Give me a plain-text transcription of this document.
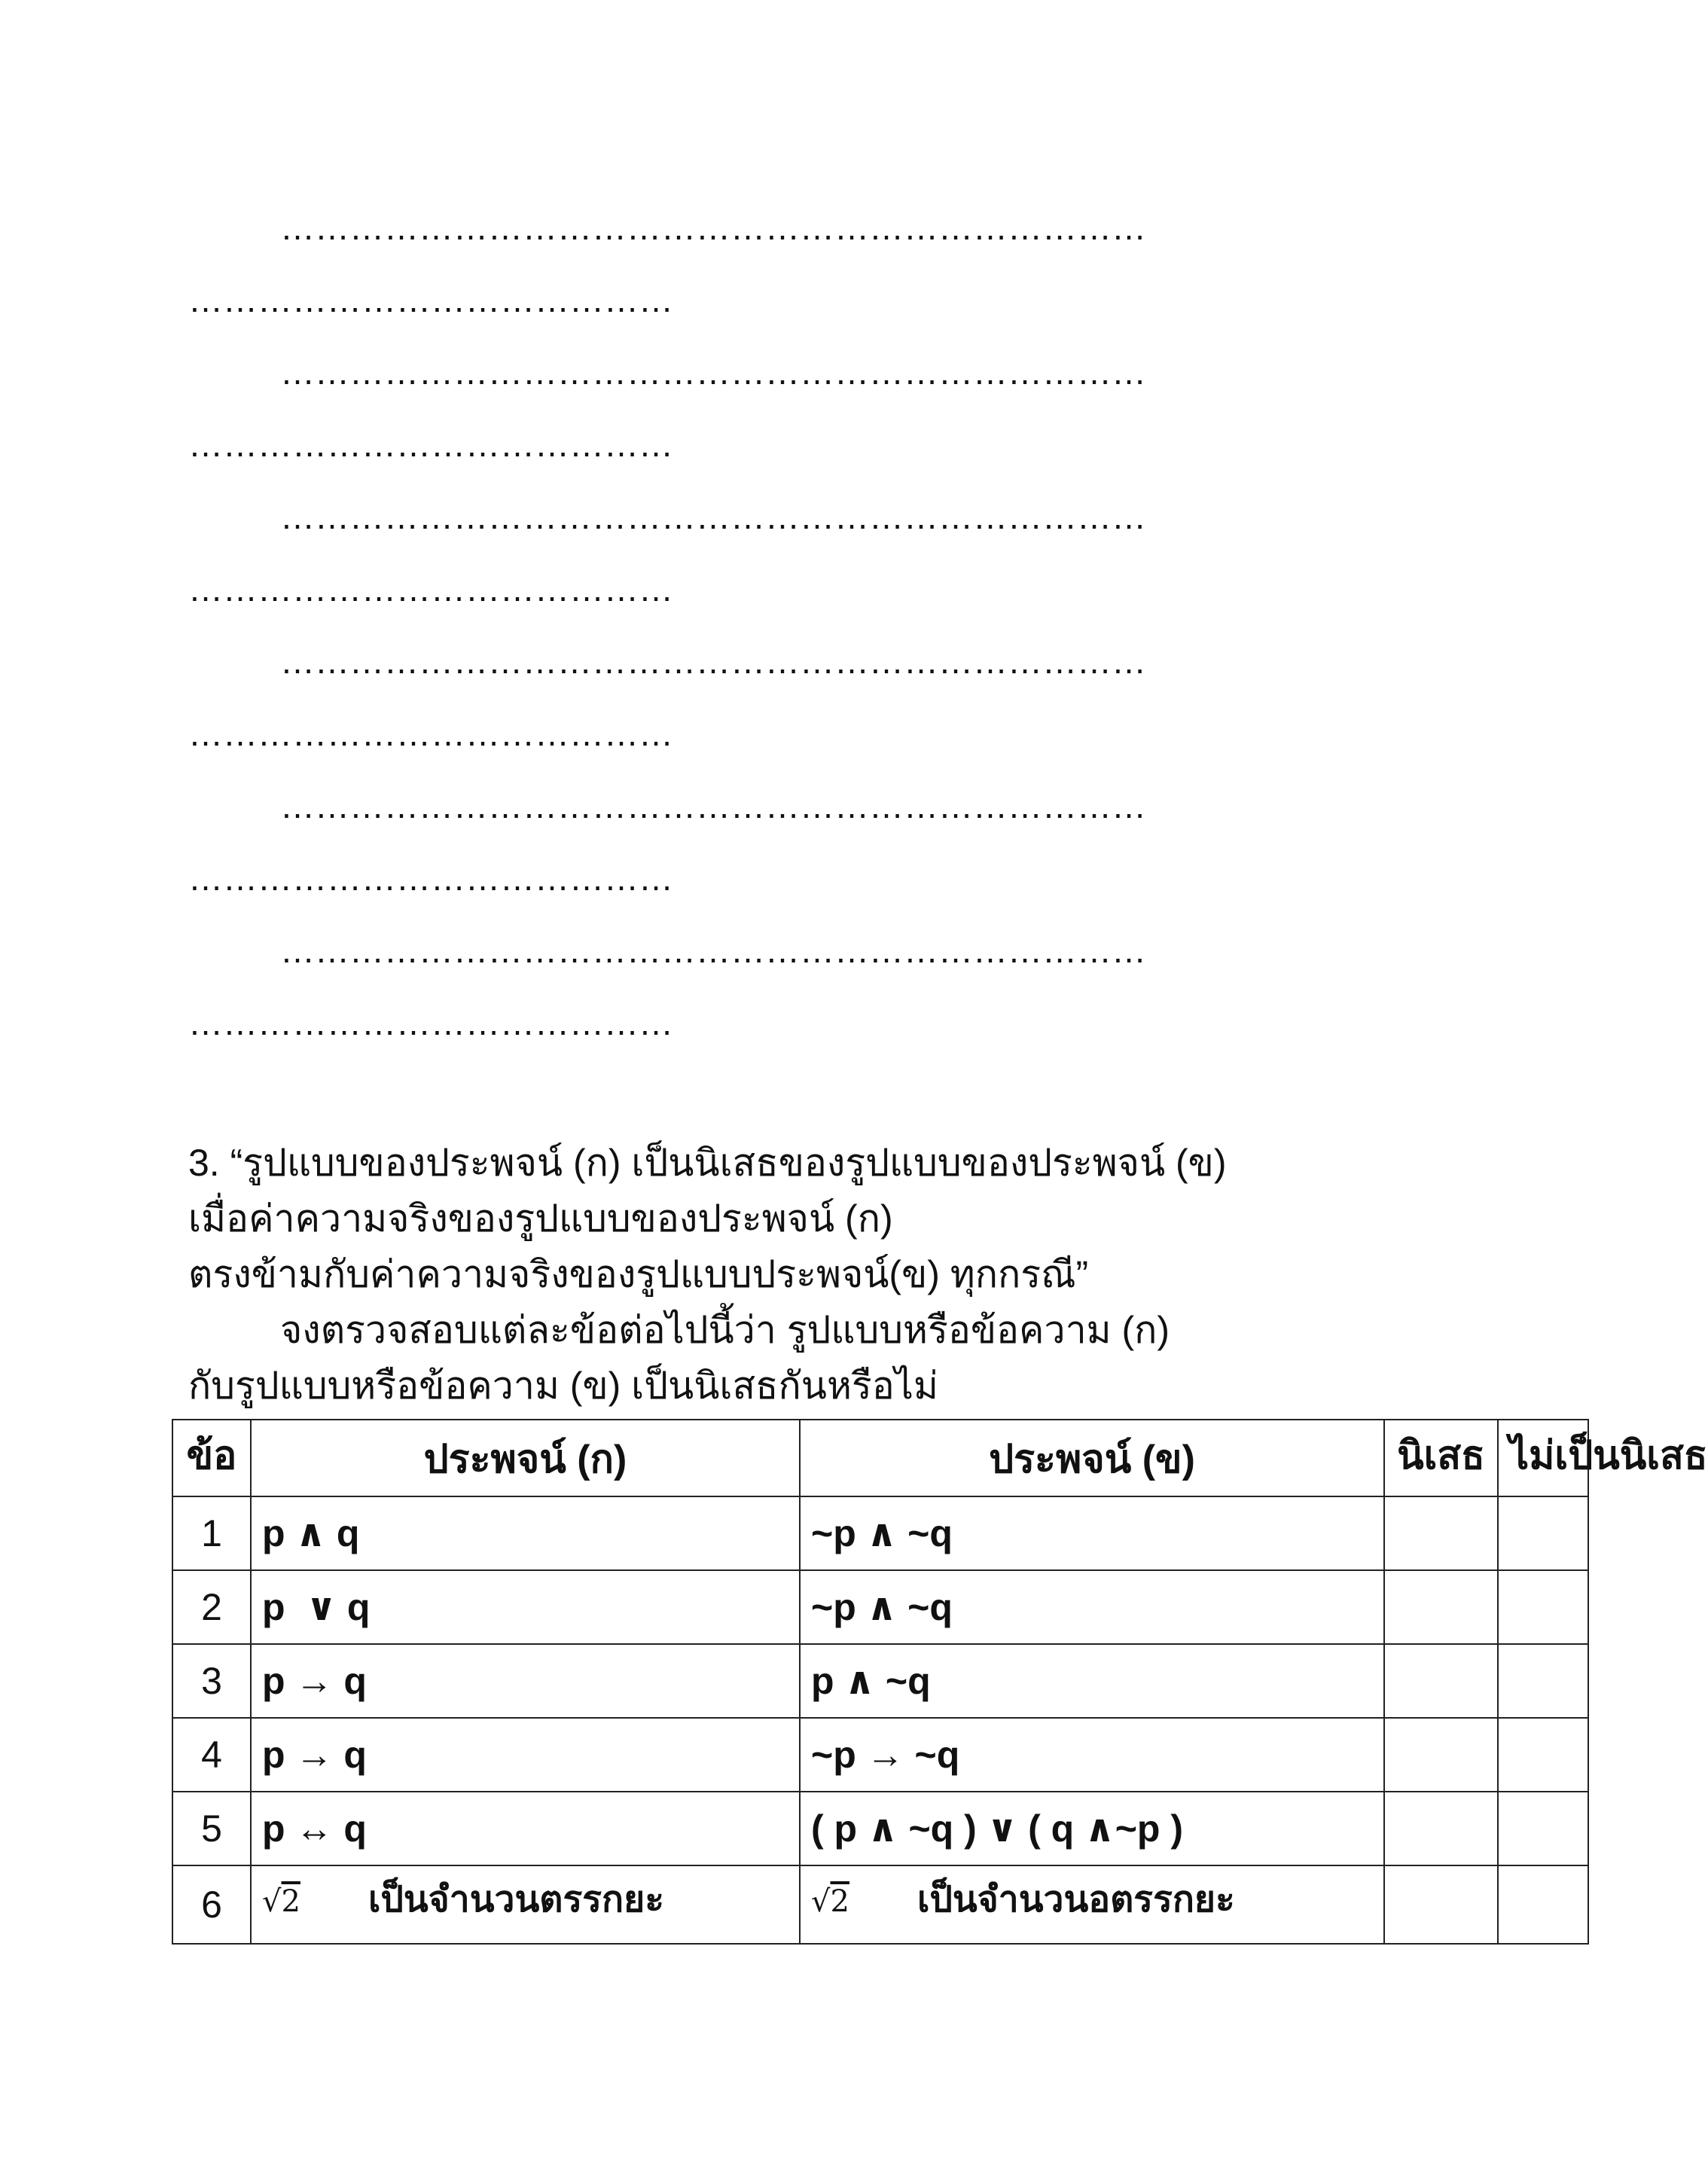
…………………………………………………………………
……………………………………
…………………………………………………………………
……………………………………
…………………………………………………………………
……………………………………
…………………………………………………………………
……………………………………
…………………………………………………………………
……………………………………
…………………………………………………………………
……………………………………
3. “รูปแบบของประพจน์ (ก) เป็นนิเสธของรูปแบบของประพจน์ (ข)
เมื่อค่าความจริงของรูปแบบของประพจน์ (ก)
ตรงข้ามกับค่าความจริงของรูปแบบประพจน์(ข) ทุกกรณี”
จงตรวจสอบแต่ละข้อต่อไปนี้ว่า รูปแบบหรือข้อความ (ก)
กับรูปแบบหรือข้อความ (ข) เป็นนิเสธกันหรือไม่
ข้อ	ประพจน์ (ก)	ประพจน์ (ข)	นิเสธ	ไม่เป็นนิเสธ
1	p ∧ q	~p ∧ ~q		
2	p  ∨ q	~p ∧ ~q		
3	p → q	p ∧ ~q		
4	p → q	~p → ~q		
5	p ↔ q	( p ∧ ~q ) ∨ ( q ∧~p )		
6	√2 เป็นจำนวนตรรกยะ	√2 เป็นจำนวนอตรรกยะ		
